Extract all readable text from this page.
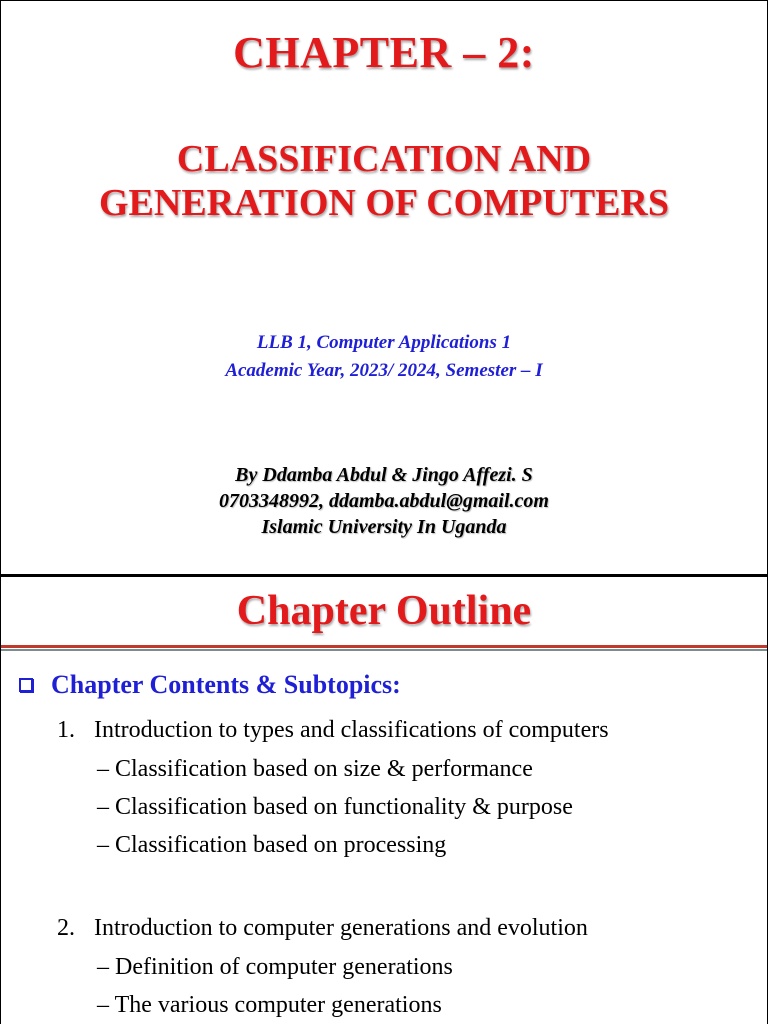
CHAPTER – 2:
CLASSIFICATION AND
GENERATION OF COMPUTERS
LLB 1, Computer Applications 1
Academic Year, 2023/ 2024, Semester – I
By Ddamba Abdul & Jingo Affezi. S
0703348992, ddamba.abdul@gmail.com
Islamic University In Uganda
Chapter Outline
Chapter Contents & Subtopics:
1. Introduction to types and classifications of computers
– Classification based on size & performance
– Classification based on functionality & purpose
– Classification based on processing
2. Introduction to computer generations and evolution
– Definition of computer generations
– The various computer generations
